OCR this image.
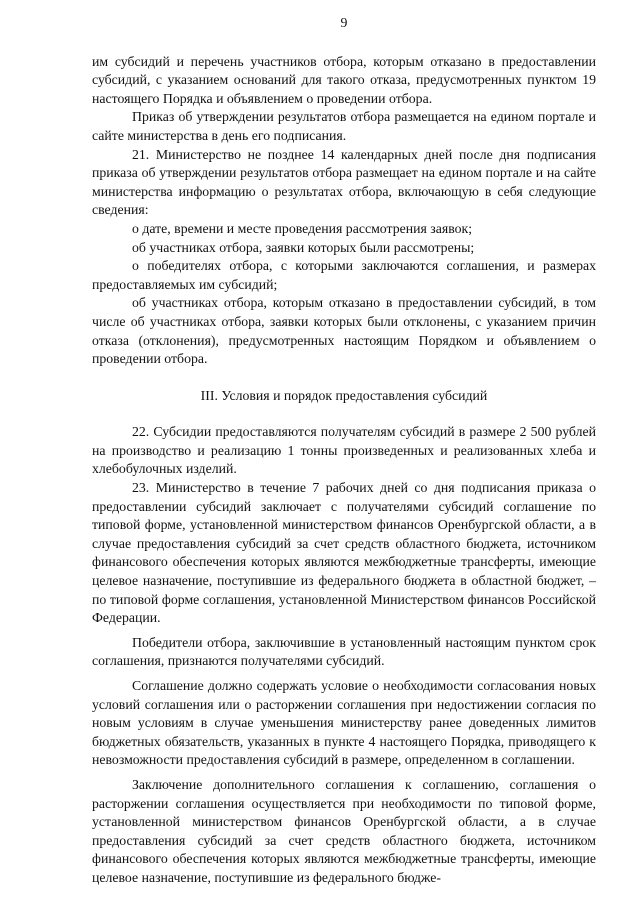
9

им субсидий и перечень участников отбора, которым отказано в предоставлении субсидий, с указанием оснований для такого отказа, предусмотренных пунктом 19 настоящего Порядка и объявлением о проведении отбора.

Приказ об утверждении результатов отбора размещается на едином портале и сайте министерства в день его подписания.

21. Министерство не позднее 14 календарных дней после дня подписания приказа об утверждении результатов отбора размещает на едином портале и на сайте министерства информацию о результатах отбора, включающую в себя следующие сведения:

о дате, времени и месте проведения рассмотрения заявок;

об участниках отбора, заявки которых были рассмотрены;

о победителях отбора, с которыми заключаются соглашения, и размерах предоставляемых им субсидий;

об участниках отбора, которым отказано в предоставлении субсидий, в том числе об участниках отбора, заявки которых были отклонены, с указанием причин отказа (отклонения), предусмотренных настоящим Порядком и объявлением о проведении отбора.

III. Условия и порядок предоставления субсидий

22. Субсидии предоставляются получателям субсидий в размере 2 500 рублей на производство и реализацию 1 тонны произведенных и реализованных хлеба и хлебобулочных изделий.

23. Министерство в течение 7 рабочих дней со дня подписания приказа о предоставлении субсидий заключает с получателями субсидий соглашение по типовой форме, установленной министерством финансов Оренбургской области, а в случае предоставления субсидий за счет средств областного бюджета, источником финансового обеспечения которых являются межбюджетные трансферты, имеющие целевое назначение, поступившие из федерального бюджета в областной бюджет, – по типовой форме соглашения, установленной Министерством финансов Российской Федерации.

Победители отбора, заключившие в установленный настоящим пунктом срок соглашения, признаются получателями субсидий.

Соглашение должно содержать условие о необходимости согласования новых условий соглашения или о расторжении соглашения при недостижении согласия по новым условиям в случае уменьшения министерству ранее доведенных лимитов бюджетных обязательств, указанных в пункте 4 настоящего Порядка, приводящего к невозможности предоставления субсидий в размере, определенном в соглашении.

Заключение дополнительного соглашения к соглашению, соглашения о расторжении соглашения осуществляется при необходимости по типовой форме, установленной министерством финансов Оренбургской области, а в случае предоставления субсидий за счет средств областного бюджета, источником финансового обеспечения которых являются межбюджетные трансферты, имеющие целевое назначение, поступившие из федерального бюдже-
